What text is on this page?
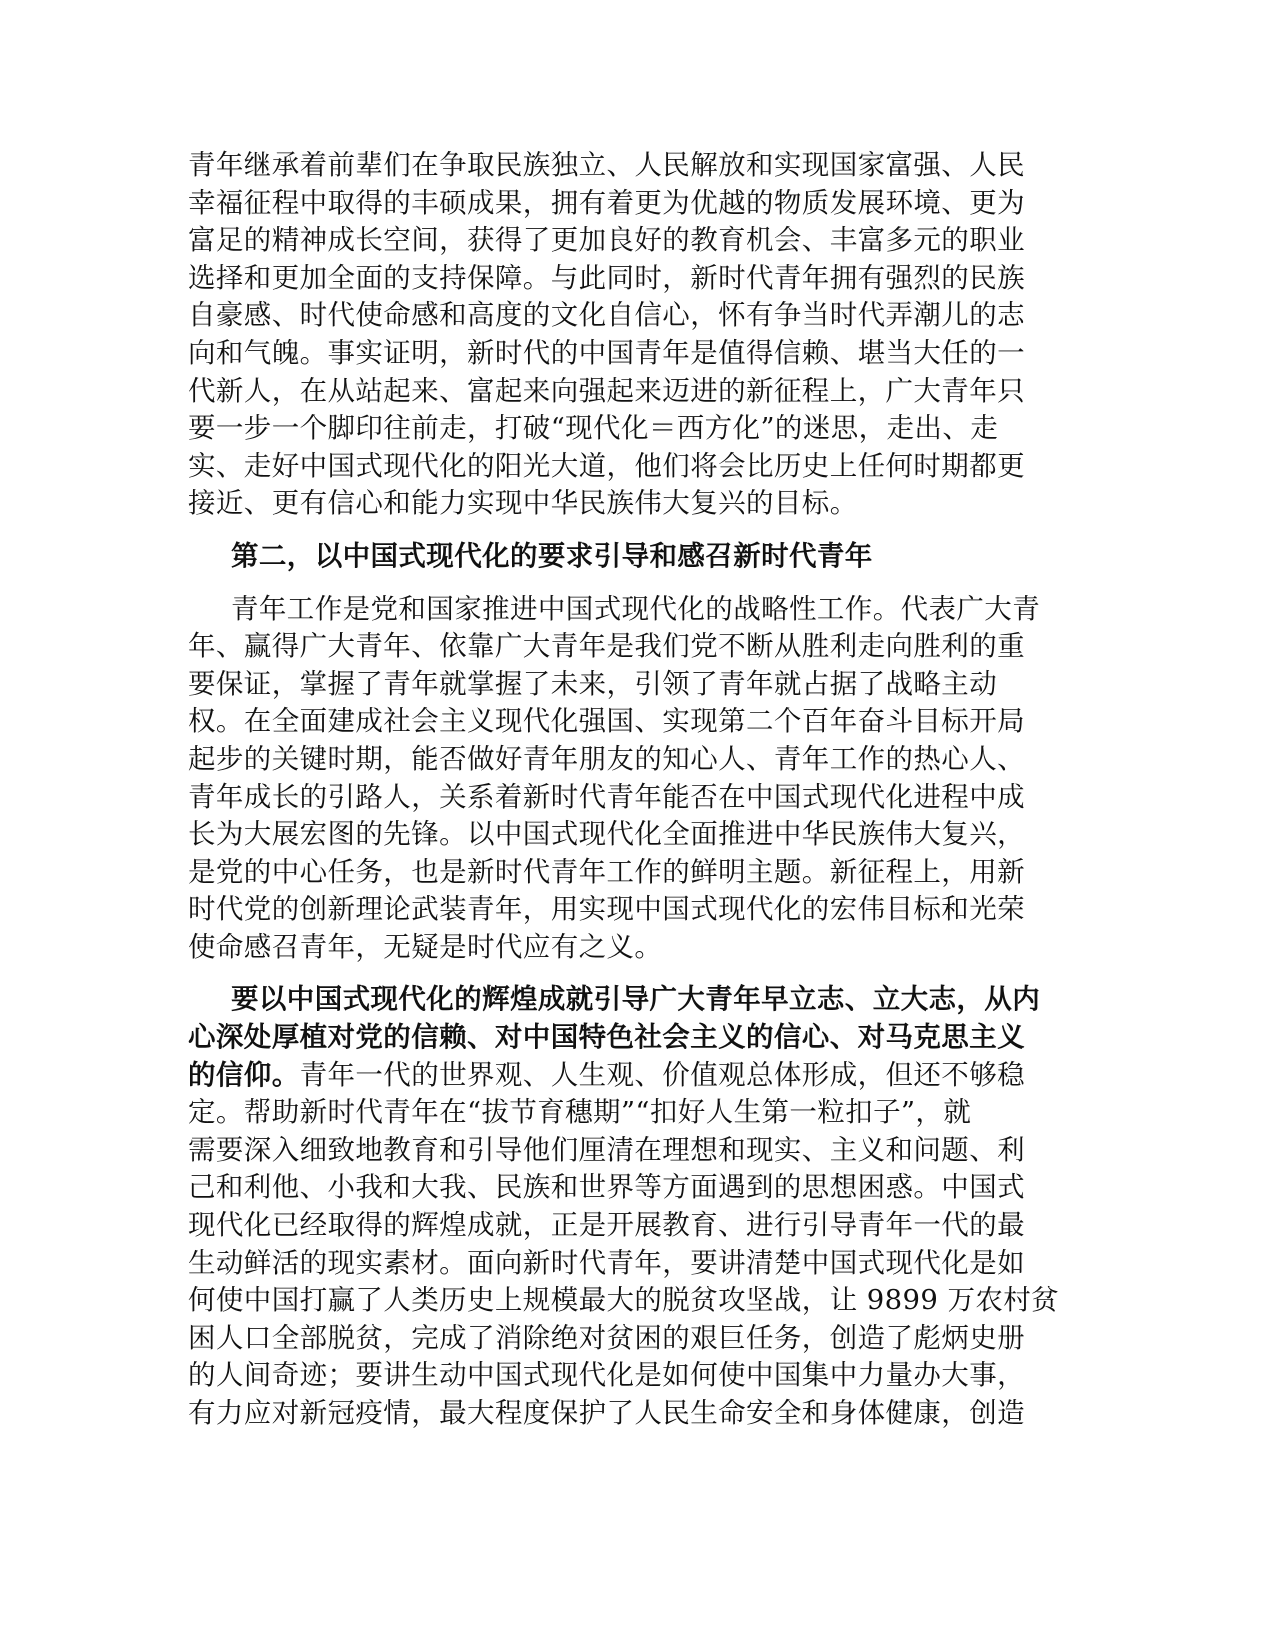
青年继承着前辈们在争取民族独立、人民解放和实现国家富强、人民
幸福征程中取得的丰硕成果，拥有着更为优越的物质发展环境、更为
富足的精神成长空间，获得了更加良好的教育机会、丰富多元的职业
选择和更加全面的支持保障。与此同时，新时代青年拥有强烈的民族
自豪感、时代使命感和高度的文化自信心，怀有争当时代弄潮儿的志
向和气魄。事实证明，新时代的中国青年是值得信赖、堪当大任的一
代新人，在从站起来、富起来向强起来迈进的新征程上，广大青年只
要一步一个脚印往前走，打破“现代化＝西方化”的迷思，走出、走
实、走好中国式现代化的阳光大道，他们将会比历史上任何时期都更
接近、更有信心和能力实现中华民族伟大复兴的目标。
第二，以中国式现代化的要求引导和感召新时代青年
青年工作是党和国家推进中国式现代化的战略性工作。代表广大青
年、赢得广大青年、依靠广大青年是我们党不断从胜利走向胜利的重
要保证，掌握了青年就掌握了未来，引领了青年就占据了战略主动
权。在全面建成社会主义现代化强国、实现第二个百年奋斗目标开局
起步的关键时期，能否做好青年朋友的知心人、青年工作的热心人、
青年成长的引路人，关系着新时代青年能否在中国式现代化进程中成
长为大展宏图的先锋。以中国式现代化全面推进中华民族伟大复兴，
是党的中心任务，也是新时代青年工作的鲜明主题。新征程上，用新
时代党的创新理论武装青年，用实现中国式现代化的宏伟目标和光荣
使命感召青年，无疑是时代应有之义。
要以中国式现代化的辉煌成就引导广大青年早立志、立大志，从内
心深处厚植对党的信赖、对中国特色社会主义的信心、对马克思主义
的信仰。青年一代的世界观、人生观、价值观总体形成，但还不够稳
定。帮助新时代青年在“拔节育穗期”“扣好人生第一粒扣子”，就
需要深入细致地教育和引导他们厘清在理想和现实、主义和问题、利
己和利他、小我和大我、民族和世界等方面遇到的思想困惑。中国式
现代化已经取得的辉煌成就，正是开展教育、进行引导青年一代的最
生动鲜活的现实素材。面向新时代青年，要讲清楚中国式现代化是如
何使中国打赢了人类历史上规模最大的脱贫攻坚战，让 9899 万农村贫
困人口全部脱贫，完成了消除绝对贫困的艰巨任务，创造了彪炳史册
的人间奇迹；要讲生动中国式现代化是如何使中国集中力量办大事，
有力应对新冠疫情，最大程度保护了人民生命安全和身体健康，创造
